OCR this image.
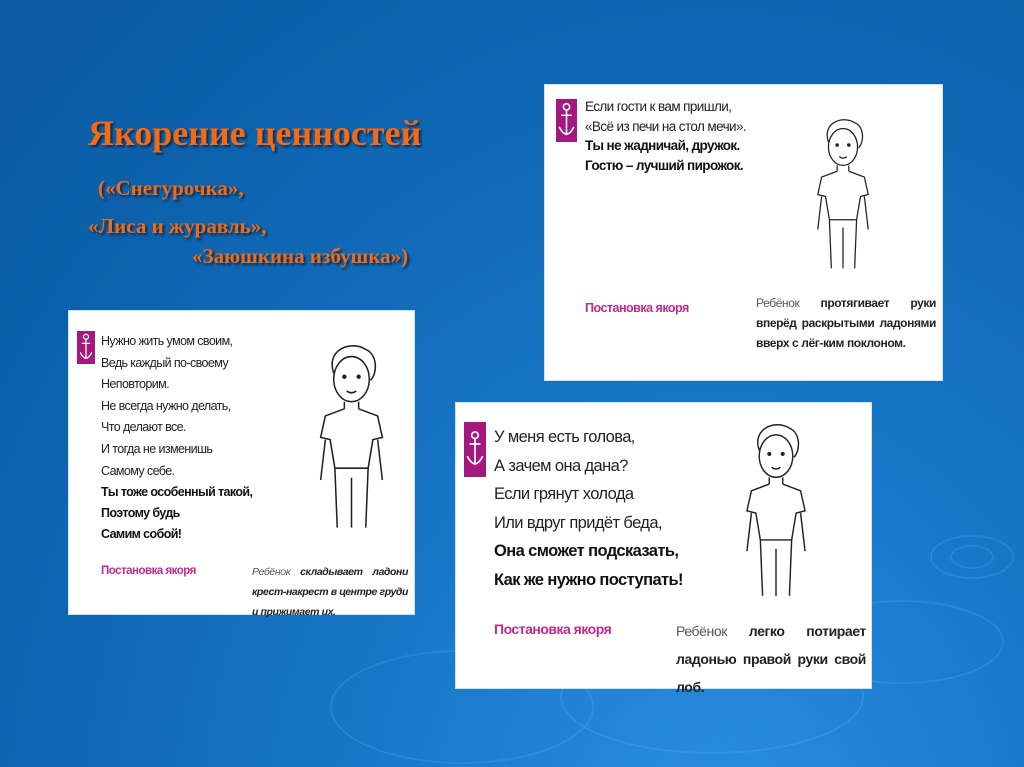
Якорение ценностей
(«Снегурочка»,
«Лиса и журавль»,
«Заюшкина избушка»)
Если гости к вам пришли,
«Всё из печи на стол мечи».
Ты не жадничай, дружок.
Гостю – лучший пирожок.
Постановка якоря	Ребёнок протягивает руки вперёд раскрытыми ладонями вверх с лёг-ким поклоном.
Нужно жить умом своим,
Ведь каждый по-своему
Неповторим.
Не всегда нужно делать,
Что делают все.
И тогда не изменишь
Самому себе.
Ты тоже особенный такой,
Поэтому будь
Самим собой!
Постановка якоря	Ребёнок складывает ладони крест-накрест в центре груди и прижимает их.
У меня есть голова,
А зачем она дана?
Если грянут холода
Или вдруг придёт беда,
Она сможет подсказать,
Как же нужно поступать!
Постановка якоря	Ребёнок легко потирает ладонью правой руки свой лоб.
